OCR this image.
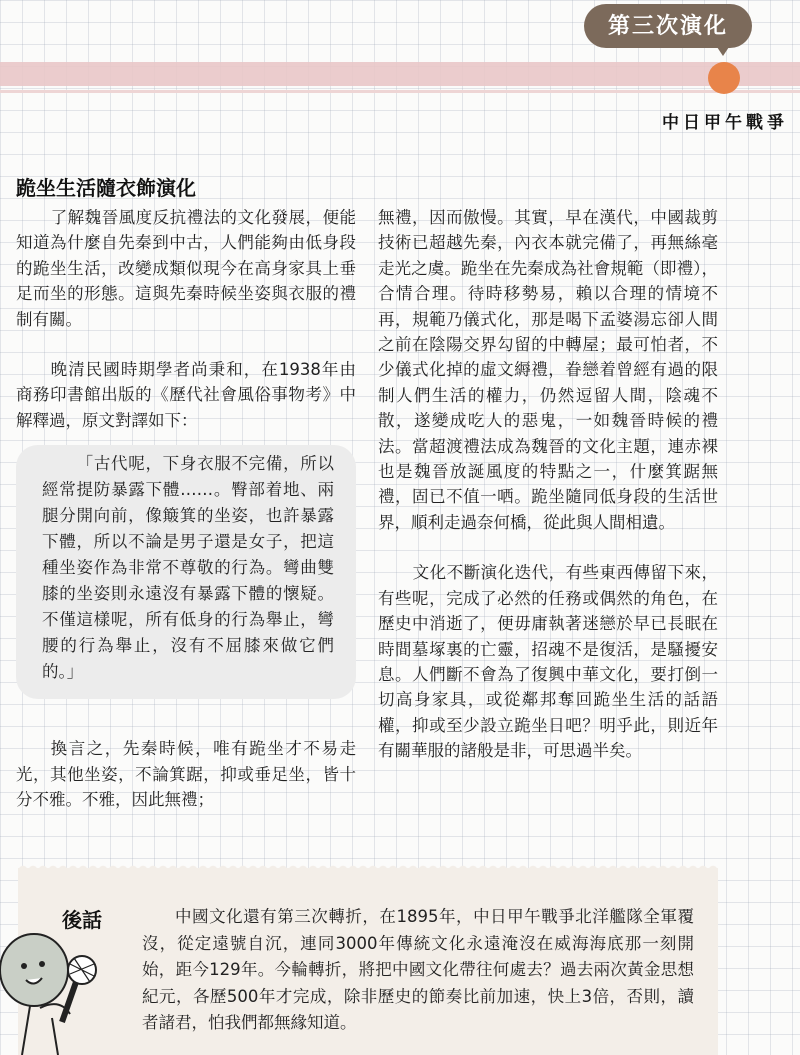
第三次演化
中日甲午戰爭
跪坐生活隨衣飾演化

了解魏晉風度反抗禮法的文化發展，便能知道為什麼自先秦到中古，人們能夠由低身段的跪坐生活，改變成類似現今在高身家具上垂足而坐的形態。這與先秦時候坐姿與衣服的禮制有關。

晚清民國時期學者尚秉和，在1938年由商務印書館出版的《歷代社會風俗事物考》中解釋過，原文對譯如下：

「古代呢，下身衣服不完備，所以經常提防暴露下體……。臀部着地、兩腿分開向前，像簸箕的坐姿，也許暴露下體，所以不論是男子還是女子，把這種坐姿作為非常不尊敬的行為。彎曲雙膝的坐姿則永遠沒有暴露下體的懷疑。不僅這樣呢，所有低身的行為舉止，彎腰的行為舉止，沒有不屈膝來做它們的。」

換言之，先秦時候，唯有跪坐才不易走光，其他坐姿，不論箕踞，抑或垂足坐，皆十分不雅。不雅，因此無禮；

無禮，因而傲慢。其實，早在漢代，中國裁剪技術已超越先秦，內衣本就完備了，再無絲毫走光之虞。跪坐在先秦成為社會規範（即禮），合情合理。待時移勢易，賴以合理的情境不再，規範乃儀式化，那是喝下孟婆湯忘卻人間之前在陰陽交界勾留的中轉屋；最可怕者，不少儀式化掉的虛文縟禮，眷戀着曾經有過的限制人們生活的權力，仍然逗留人間，陰魂不散，遂變成吃人的惡鬼，一如魏晉時候的禮法。當超渡禮法成為魏晉的文化主題，連赤裸也是魏晉放誕風度的特點之一，什麼箕踞無禮，固已不值一哂。跪坐隨同低身段的生活世界，順利走過奈何橋，從此與人間相遺。

文化不斷演化迭代，有些東西傳留下來，有些呢，完成了必然的任務或偶然的角色，在歷史中消逝了，便毋庸執著迷戀於早已長眠在時間墓塚裏的亡靈，招魂不是復活，是騷擾安息。人們斷不會為了復興中華文化，要打倒一切高身家具，或從鄰邦奪回跪坐生活的話語權，抑或至少設立跪坐日吧？明乎此，則近年有關華服的諸般是非，可思過半矣。

後話	中國文化還有第三次轉折，在1895年，中日甲午戰爭北洋艦隊全軍覆沒，從定遠號自沉，連同3000年傳統文化永遠淹沒在威海海底那一刻開始，距今129年。今輪轉折，將把中國文化帶往何處去？過去兩次黃金思想紀元，各歷500年才完成，除非歷史的節奏比前加速，快上3倍，否則，讀者諸君，怕我們都無緣知道。
